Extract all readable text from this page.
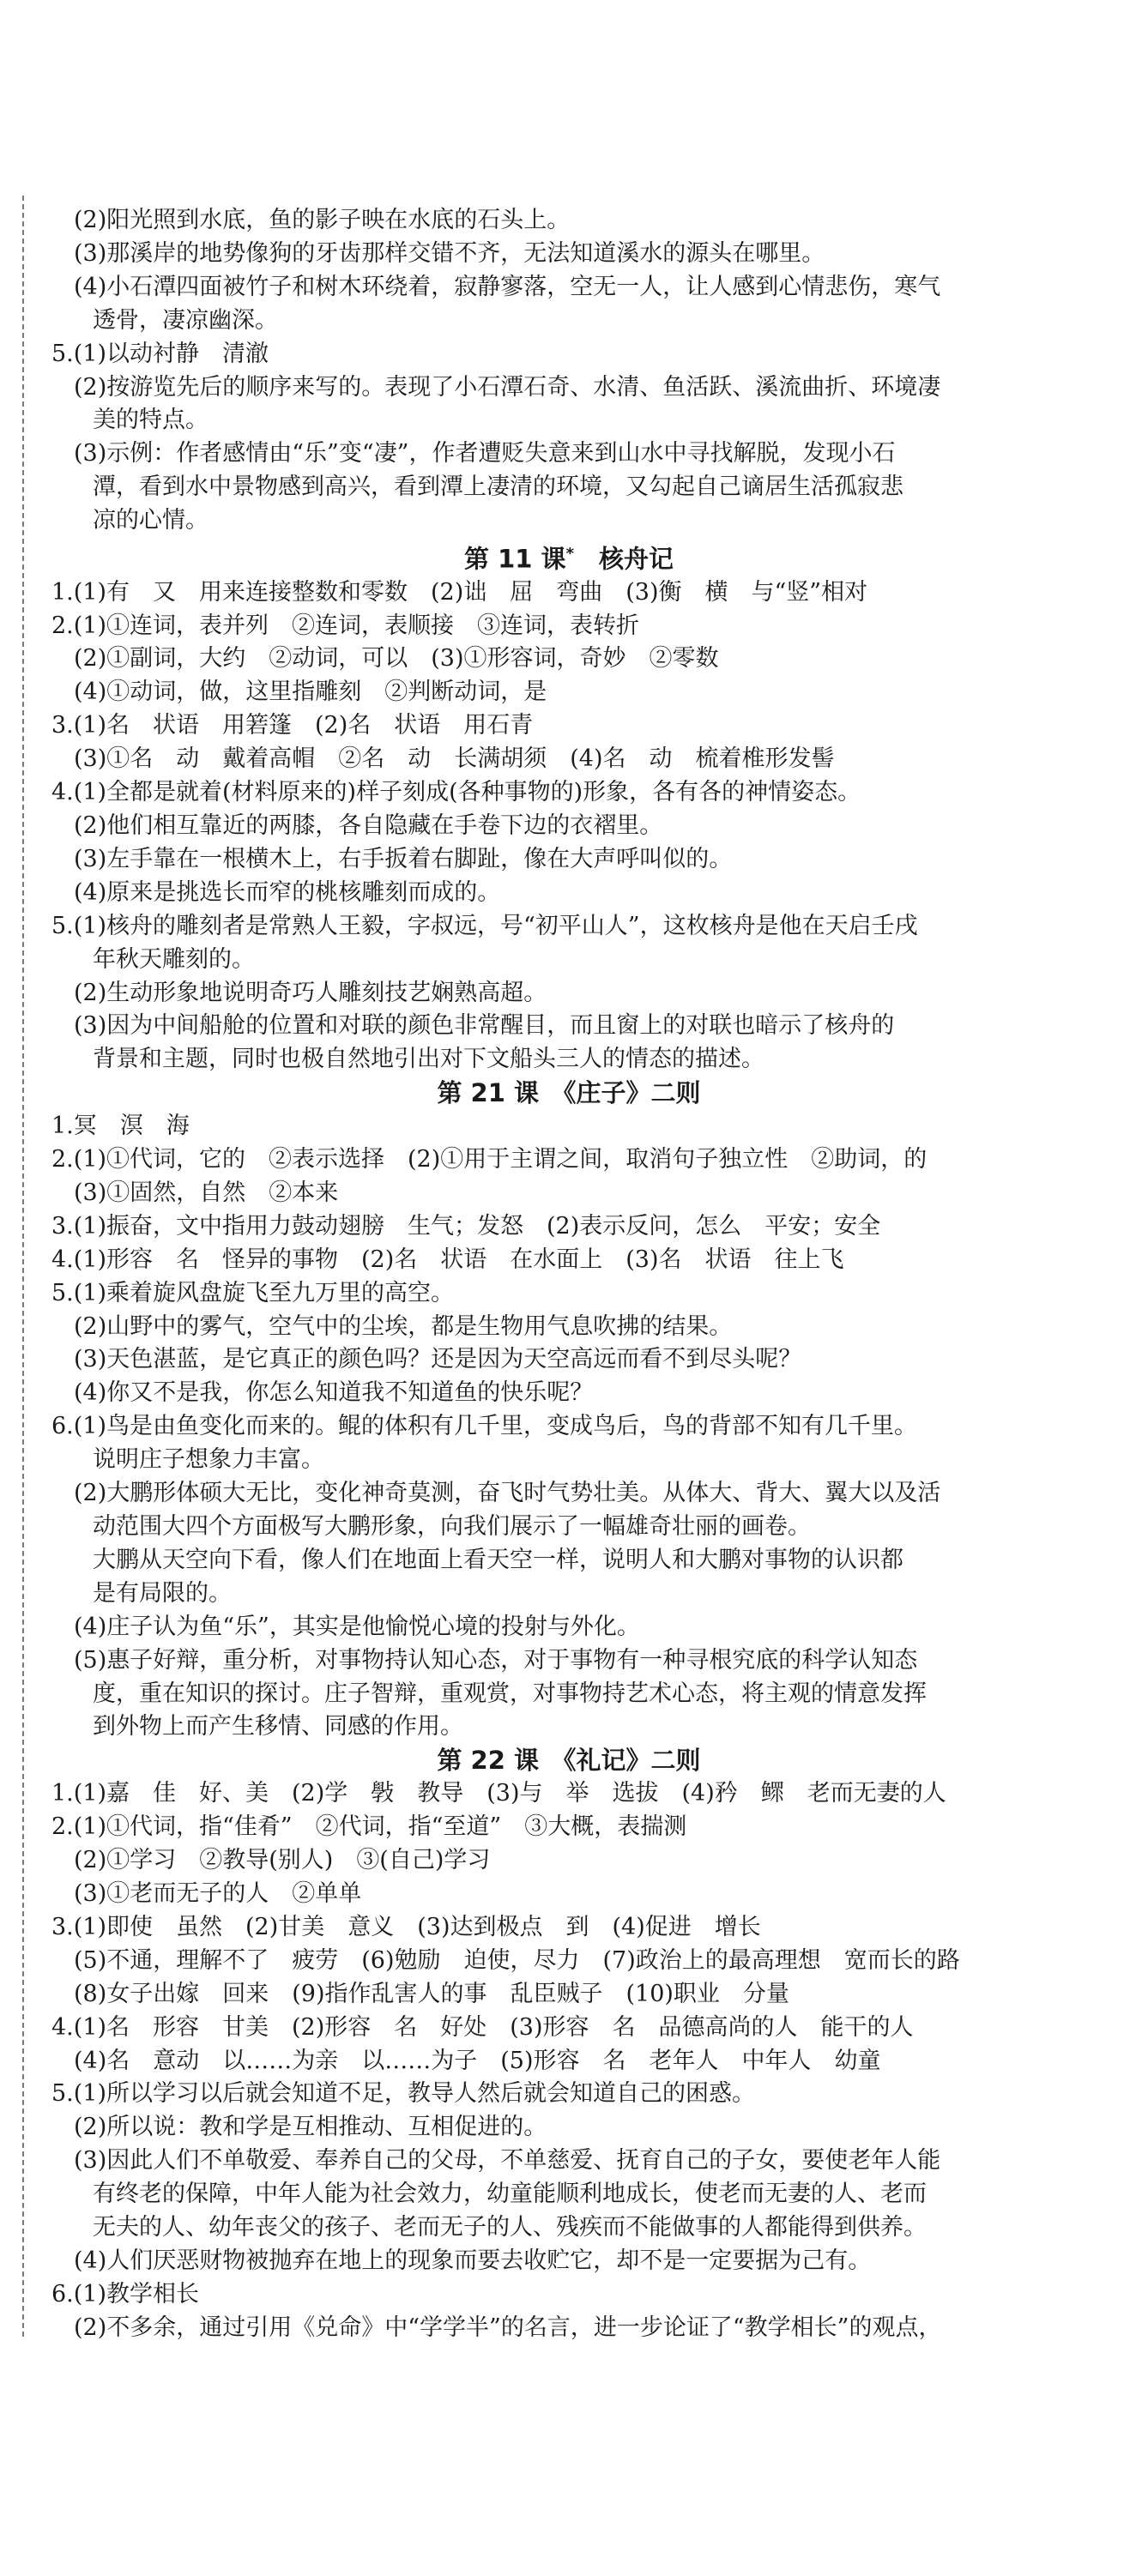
(2)阳光照到水底，鱼的影子映在水底的石头上。
(3)那溪岸的地势像狗的牙齿那样交错不齐，无法知道溪水的源头在哪里。
(4)小石潭四面被竹子和树木环绕着，寂静寥落，空无一人，让人感到心情悲伤，寒气
透骨，凄凉幽深。
5.(1)以动衬静　清澈
(2)按游览先后的顺序来写的。表现了小石潭石奇、水清、鱼活跃、溪流曲折、环境凄
美的特点。
(3)示例：作者感情由“乐”变“凄”，作者遭贬失意来到山水中寻找解脱，发现小石
潭，看到水中景物感到高兴，看到潭上凄清的环境，又勾起自己谪居生活孤寂悲
凉的心情。
第 11 课*　核舟记
1.(1)有　又　用来连接整数和零数　(2)诎　屈　弯曲　(3)衡　横　与“竖”相对
2.(1)①连词，表并列　②连词，表顺接　③连词，表转折
(2)①副词，大约　②动词，可以　(3)①形容词，奇妙　②零数
(4)①动词，做，这里指雕刻　②判断动词，是
3.(1)名　状语　用箬篷　(2)名　状语　用石青
(3)①名　动　戴着高帽　②名　动　长满胡须　(4)名　动　梳着椎形发髻
4.(1)全都是就着(材料原来的)样子刻成(各种事物的)形象，各有各的神情姿态。
(2)他们相互靠近的两膝，各自隐藏在手卷下边的衣褶里。
(3)左手靠在一根横木上，右手扳着右脚趾，像在大声呼叫似的。
(4)原来是挑选长而窄的桃核雕刻而成的。
5.(1)核舟的雕刻者是常熟人王毅，字叔远，号“初平山人”，这枚核舟是他在天启壬戌
年秋天雕刻的。
(2)生动形象地说明奇巧人雕刻技艺娴熟高超。
(3)因为中间船舱的位置和对联的颜色非常醒目，而且窗上的对联也暗示了核舟的
背景和主题，同时也极自然地引出对下文船头三人的情态的描述。
第 21 课　《庄子》二则
1.冥　溟　海
2.(1)①代词，它的　②表示选择　(2)①用于主谓之间，取消句子独立性　②助词，的
(3)①固然，自然　②本来
3.(1)振奋，文中指用力鼓动翅膀　生气；发怒　(2)表示反问，怎么　平安；安全
4.(1)形容　名　怪异的事物　(2)名　状语　在水面上　(3)名　状语　往上飞
5.(1)乘着旋风盘旋飞至九万里的高空。
(2)山野中的雾气，空气中的尘埃，都是生物用气息吹拂的结果。
(3)天色湛蓝，是它真正的颜色吗？还是因为天空高远而看不到尽头呢？
(4)你又不是我，你怎么知道我不知道鱼的快乐呢？
6.(1)鸟是由鱼变化而来的。鲲的体积有几千里，变成鸟后，鸟的背部不知有几千里。
说明庄子想象力丰富。
(2)大鹏形体硕大无比，变化神奇莫测，奋飞时气势壮美。从体大、背大、翼大以及活
动范围大四个方面极写大鹏形象，向我们展示了一幅雄奇壮丽的画卷。
大鹏从天空向下看，像人们在地面上看天空一样，说明人和大鹏对事物的认识都
是有局限的。
(4)庄子认为鱼“乐”，其实是他愉悦心境的投射与外化。
(5)惠子好辩，重分析，对事物持认知心态，对于事物有一种寻根究底的科学认知态
度，重在知识的探讨。庄子智辩，重观赏，对事物持艺术心态，将主观的情意发挥
到外物上而产生移情、同感的作用。
第 22 课　《礼记》二则
1.(1)嘉　佳　好、美　(2)学　斅　教导　(3)与　举　选拔　(4)矜　鳏　老而无妻的人
2.(1)①代词，指“佳肴”　②代词，指“至道”　③大概，表揣测
(2)①学习　②教导(别人)　③(自己)学习
(3)①老而无子的人　②单单
3.(1)即使　虽然　(2)甘美　意义　(3)达到极点　到　(4)促进　增长
(5)不通，理解不了　疲劳　(6)勉励　迫使，尽力　(7)政治上的最高理想　宽而长的路
(8)女子出嫁　回来　(9)指作乱害人的事　乱臣贼子　(10)职业　分量
4.(1)名　形容　甘美　(2)形容　名　好处　(3)形容　名　品德高尚的人　能干的人
(4)名　意动　以……为亲　以……为子　(5)形容　名　老年人　中年人　幼童
5.(1)所以学习以后就会知道不足，教导人然后就会知道自己的困惑。
(2)所以说：教和学是互相推动、互相促进的。
(3)因此人们不单敬爱、奉养自己的父母，不单慈爱、抚育自己的子女，要使老年人能
有终老的保障，中年人能为社会效力，幼童能顺利地成长，使老而无妻的人、老而
无夫的人、幼年丧父的孩子、老而无子的人、残疾而不能做事的人都能得到供养。
(4)人们厌恶财物被抛弃在地上的现象而要去收贮它，却不是一定要据为己有。
6.(1)教学相长
(2)不多余，通过引用《兑命》中“学学半”的名言，进一步论证了“教学相长”的观点，
